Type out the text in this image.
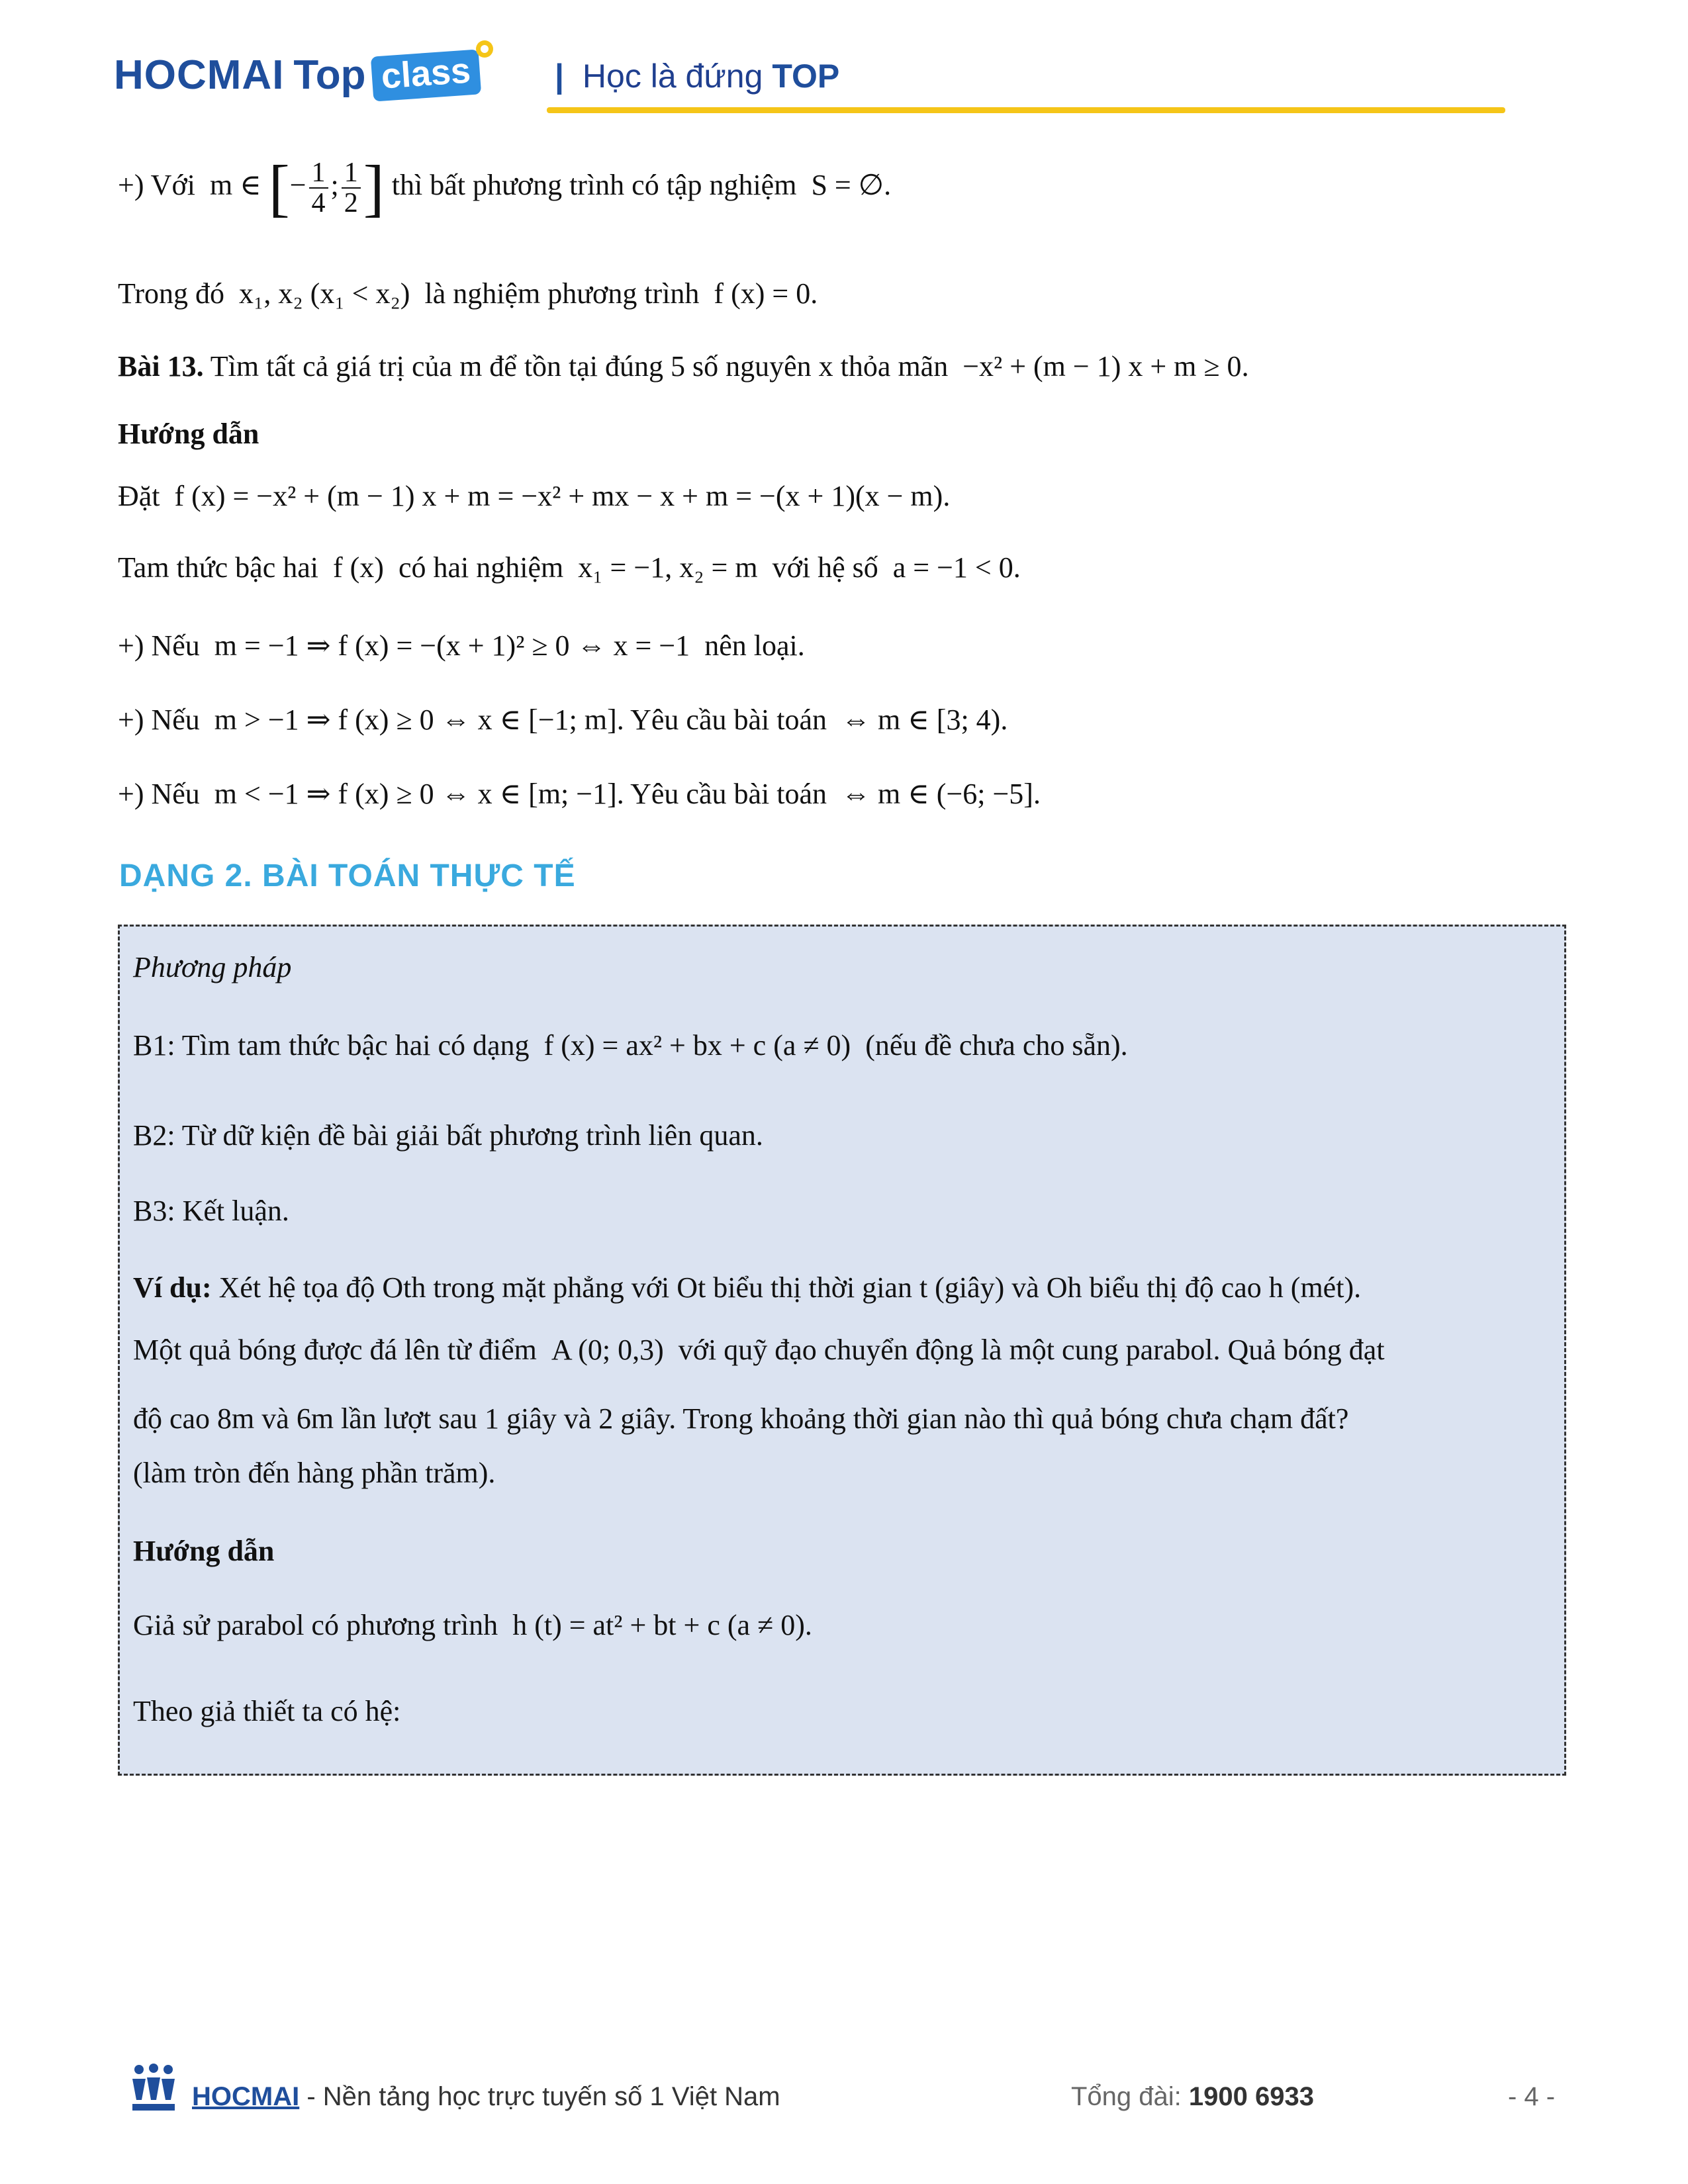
HOCMAI Top class | Học là đứng TOP
+) Với m ∈ [− $\frac{1}{4}$ ; $\frac{1}{2}$ ] thì bất phương trình có tập nghiệm S = ∅.
Trong đó x₁, x₂ (x₁ < x₂) là nghiệm phương trình f (x) = 0.
Bài 13. Tìm tất cả giá trị của m để tồn tại đúng 5 số nguyên x thỏa mãn −x² + (m − 1) x + m ≥ 0.
Hướng dẫn
Đặt f (x) = −x² + (m − 1) x + m = −x² + mx − x + m = −(x + 1)(x − m).
Tam thức bậc hai f (x) có hai nghiệm x₁ = −1, x₂ = m với hệ số a = −1 < 0.
+) Nếu m = −1 ⇒ f (x) = −(x + 1)² ≥ 0 ⇔ x = −1 nên loại.
+) Nếu m > −1 ⇒ f (x) ≥ 0 ⇔ x ∈ [−1; m]. Yêu cầu bài toán ⇔ m ∈ [3; 4).
+) Nếu m < −1 ⇒ f (x) ≥ 0 ⇔ x ∈ [m; −1]. Yêu cầu bài toán ⇔ m ∈ (−6; −5].
DẠNG 2. BÀI TOÁN THỰC TẾ
Phương pháp
B1: Tìm tam thức bậc hai có dạng f (x) = ax² + bx + c (a ≠ 0) (nếu đề chưa cho sẵn).
B2: Từ dữ kiện đề bài giải bất phương trình liên quan.
B3: Kết luận.
Ví dụ: Xét hệ tọa độ Oth trong mặt phẳng với Ot biểu thị thời gian t (giây) và Oh biểu thị độ cao h (mét).
Một quả bóng được đá lên từ điểm A (0; 0,3) với quỹ đạo chuyển động là một cung parabol. Quả bóng đạt
độ cao 8m và 6m lần lượt sau 1 giây và 2 giây. Trong khoảng thời gian nào thì quả bóng chưa chạm đất?
(làm tròn đến hàng phần trăm).
Hướng dẫn
Giả sử parabol có phương trình h (t) = at² + bt + c (a ≠ 0).
Theo giả thiết ta có hệ:
HOCMAI - Nền tảng học trực tuyến số 1 Việt Nam	Tổng đài: 1900 6933	- 4 -
